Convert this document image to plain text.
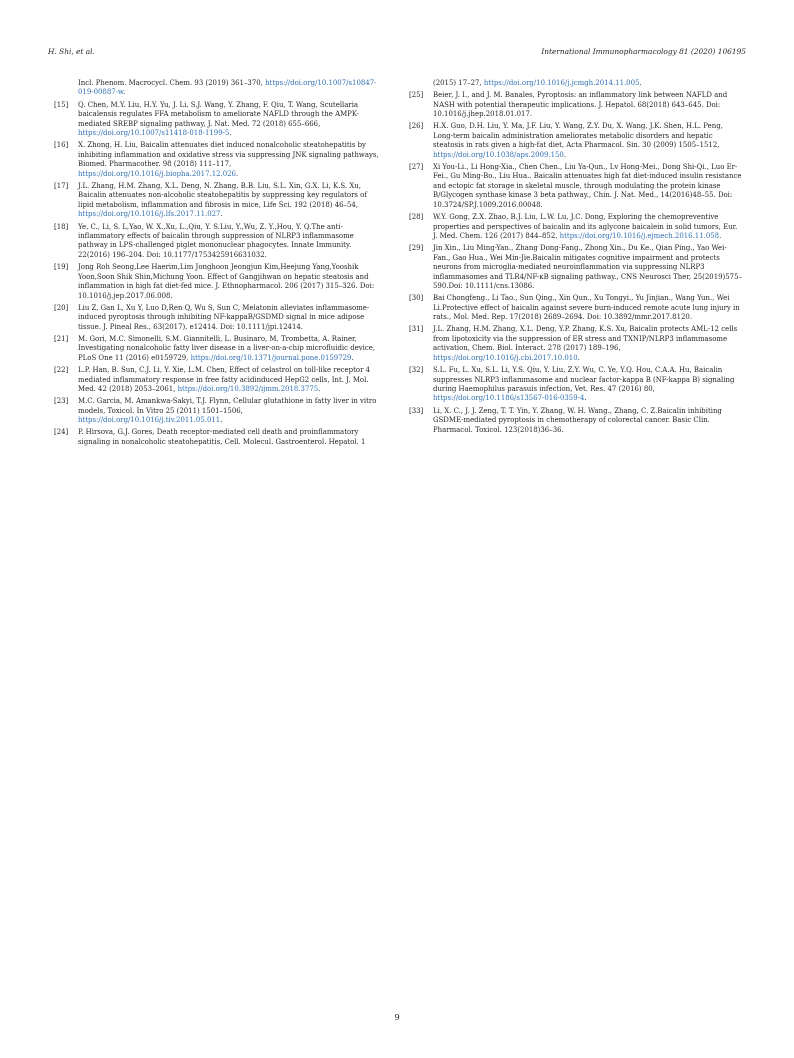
H. Shi, et al.	International Immunopharmacology 81 (2020) 106195
Incl. Phenom. Macrocycl. Chem. 93 (2019) 361–370, https://doi.org/10.1007/s10847-019-00887-w.
[15] Q. Chen, M.Y. Liu, H.Y. Yu, J. Li, S.J. Wang, Y. Zhang, F. Qiu, T. Wang, Scutellaria baicalensis regulates FFA metabolism to ameliorate NAFLD through the AMPK-mediated SREBP signaling pathway, J. Nat. Med. 72 (2018) 655–666, https://doi.org/10.1007/s11418-018-1199-5.
[16] X. Zhong, H. Liu, Baicalin attenuates diet induced nonalcoholic steatohepatitis by inhibiting inflammation and oxidative stress via suppressing JNK signaling pathways, Biomed. Pharmacother. 98 (2018) 111–117, https://doi.org/10.1016/j.biopha.2017.12.026.
[17] J.L. Zhang, H.M. Zhang, X.L. Deng, N. Zhang, B.B. Liu, S.L. Xin, G.X. Li, K.S. Xu, Baicalin attenuates non-alcoholic steatohepatitis by suppressing key regulators of lipid metabolism, inflammation and fibrosis in mice, Life Sci. 192 (2018) 46–54, https://doi.org/10.1016/j.lfs.2017.11.027.
[18] Ye, C., Li, S. L,Yao, W. X.,Xu, L.,Qiu, Y. S.Liu, Y.,Wu, Z. Y.,Hou, Y. Q.The anti-inflammatory effects of baicalin through suppression of NLRP3 inflammasome pathway in LPS-challenged piglet mononuclear phagocytes. Innate Immunity. 22(2016) 196–204. Doi: 10.1177/1753425916631032.
[19] Jong Roh Seong,Lee Haerim,Lim Jonghoon Jeongjun Kim,Heejung Yang,Yooshik Yoon,Soon Shik Shin,Michung Yoon. Effect of Gangjihwan on hepatic steatosis and inflammation in high fat diet-fed mice. J. Ethnopharmacol. 206 (2017) 315–326. Doi: 10.1016/j.jep.2017.06.008.
[20] Liu Z, Gan L, Xu Y, Luo D,Ren Q, Wu S, Sun C, Melatonin alleviates inflammasome-induced pyroptosis through inhibiting NF-kappaB/GSDMD signal in mice adipose tissue. J. Pineal Res., 63(2017), e12414. Doi: 10.1111/jpi.12414.
[21] M. Gori, M.C. Simonelli, S.M. Giannitelli, L. Businaro, M. Trombetta, A. Rainer, Investigating nonalcoholic fatty liver disease in a liver-on-a-chip microfluidic device, PLoS One 11 (2016) e0159729, https://doi.org/10.1371/journal.pone.0159729.
[22] L.P. Han, B. Sun, C.J. Li, Y. Xie, L.M. Chen, Effect of celastrol on toll-like receptor 4 mediated inflammatory response in free fatty acidinduced HepG2 cells, Int. J. Mol. Med. 42 (2018) 2053–2061, https://doi.org/10.3892/ijmm.2018.3775.
[23] M.C. Garcia, M. Amankwa-Sakyi, T.J. Flynn, Cellular glutathione in fatty liver in vitro models, Toxicol. In Vitro 25 (2011) 1501–1506, https://doi.org/10.1016/j.tiv.2011.05.011.
[24] P. Hirsova, G.J. Gores, Death receptor-mediated cell death and proinflammatory signaling in nonalcoholic steatohepatitis, Cell. Molecul. Gastroenterol. Hepatol. 1
(2015) 17–27, https://doi.org/10.1016/j.jcmgh.2014.11.005.
[25] Beier, J. I., and J. M. Banales, Pyroptosis: an inflammatory link between NAFLD and NASH with potential therapeutic implications. J. Hepatol. 68(2018) 643–645. Doi: 10.1016/j.jhep.2018.01.017.
[26] H.X. Guo, D.H. Liu, Y. Ma, J.F. Liu, Y. Wang, Z.Y. Du, X. Wang, J.K. Shen, H.L. Peng, Long-term baicalin administration ameliorates metabolic disorders and hepatic steatosis in rats given a high-fat diet, Acta Pharmacol. Sin. 30 (2009) 1505–1512, https://doi.org/10.1038/aps.2009.150.
[27] Xi You-Li., Li Hong-Xia., Chen Chen., Liu Ya-Qun., Lv Hong-Mei., Dong Shi-Qi., Luo Er-Fei., Gu Ming-Bo., Liu Hua.. Baicalin attenuates high fat diet-induced insulin resistance and ectopic fat storage in skeletal muscle, through modulating the protein kinase B/Glycogen synthase kinase 3 beta pathway., Chin. J. Nat. Med., 14(2016)48–55. Doi: 10.3724/SP.J.1009.2016.00048.
[28] W.Y. Gong, Z.X. Zhao, B.J. Liu, L.W. Lu, J.C. Dong, Exploring the chemopreventive properties and perspectives of baicalin and its aglycone baicalein in solid tumors, Eur. J. Med. Chem. 126 (2017) 844–852, https://doi.org/10.1016/j.ejmech.2016.11.058.
[29] Jin Xin., Liu Ming-Yan., Zhang Dong-Fang., Zhong Xin., Du Ke., Qian Ping., Yao Wei-Fan., Gao Hua., Wei Min-Jie.Baicalin mitigates cognitive impairment and protects neurons from microglia-mediated neuroinflammation via suppressing NLRP3 inflammasomes and TLR4/NF-κB signaling pathway., CNS Neurosci Ther, 25(2019)575–590.Doi: 10.1111/cns.13086.
[30] Bai Chongfeng., Li Tao., Sun Qing., Xin Qun., Xu Tongyi., Yu Jinjian., Wang Yun., Wei Li.Protective effect of baicalin against severe burn-induced remote acute lung injury in rats., Mol. Med. Rep. 17(2018) 2689–2694. Doi: 10.3892/mmr.2017.8120.
[31] J.L. Zhang, H.M. Zhang, X.L. Deng, Y.P. Zhang, K.S. Xu, Baicalin protects AML-12 cells from lipotoxicity via the suppression of ER stress and TXNIP/NLRP3 inflammasome activation, Chem. Biol. Interact. 278 (2017) 189–196, https://doi.org/10.1016/j.cbi.2017.10.010.
[32] S.L. Fu, L. Xu, S.L. Li, Y.S. Qiu, Y. Liu, Z.Y. Wu, C. Ye, Y.Q. Hou, C.A.A. Hu, Baicalin suppresses NLRP3 inflammasome and nuclear factor-kappa B (NF-kappa B) signaling during Haemophilus parasuis infection, Vet. Res. 47 (2016) 80, https://doi.org/10.1186/s13567-016-0359-4.
[33] Li, X. C., J. J. Zeng, T. T. Yin, Y. Zhang, W. H. Wang., Zhang, C. Z.Baicalin inhibiting GSDME-mediated pyroptosis in chemotherapy of colorectal cancer. Basic Clin. Pharmacol. Toxicol. 123(2018)36–36.
9
